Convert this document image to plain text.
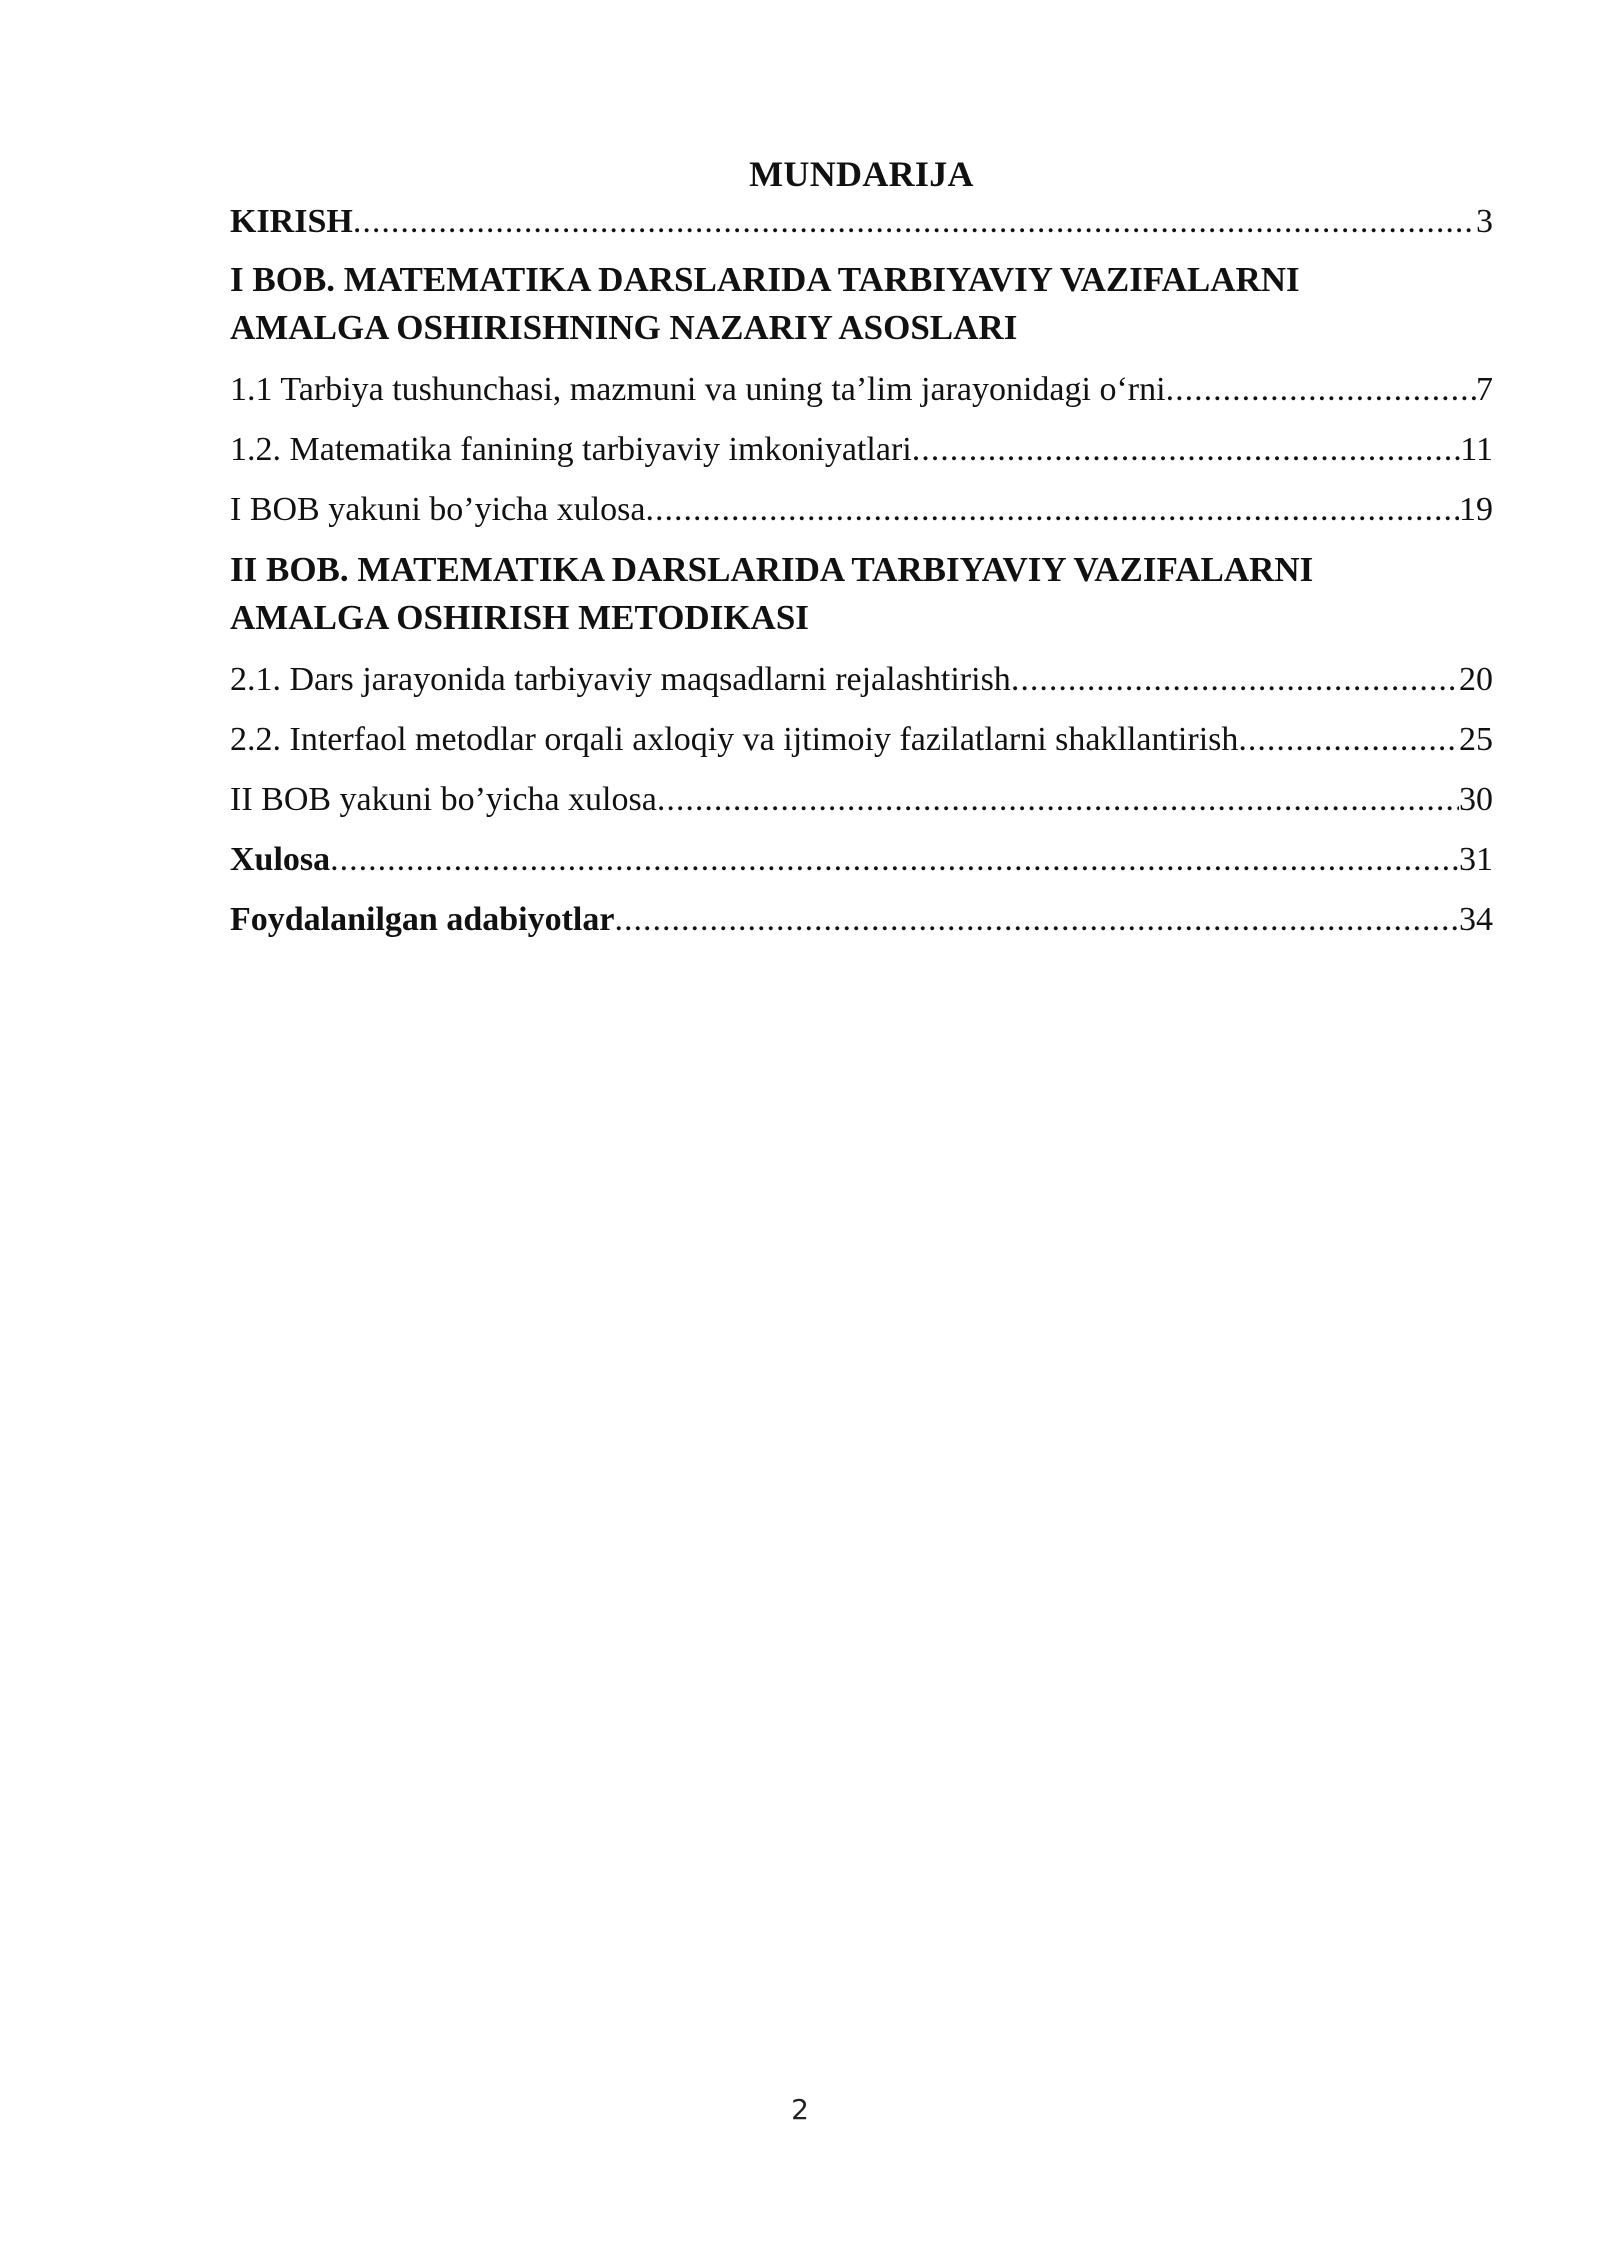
MUNDARIJA
KIRISH .....	3
I BOB. MATEMATIKA DARSLARIDA TARBIYAVIY VAZIFALARNI
AMALGA OSHIRISHNING NAZARIY ASOSLARI
1.1 Tarbiya tushunchasi, mazmuni va uning ta’lim jarayonidagi o‘rni .....	7
1.2. Matematika fanining tarbiyaviy imkoniyatlari .....	11
I BOB yakuni bo’yicha xulosa .....	19
II BOB. MATEMATIKA DARSLARIDA TARBIYAVIY VAZIFALARNI
AMALGA OSHIRISH METODIKASI
2.1. Dars jarayonida tarbiyaviy maqsadlarni rejalashtirish .....	20
2.2. Interfaol metodlar orqali axloqiy va ijtimoiy fazilatlarni shakllantirish .....	25
II BOB yakuni bo’yicha xulosa .....	30
Xulosa .....	31
Foydalanilgan adabiyotlar .....	34
2
